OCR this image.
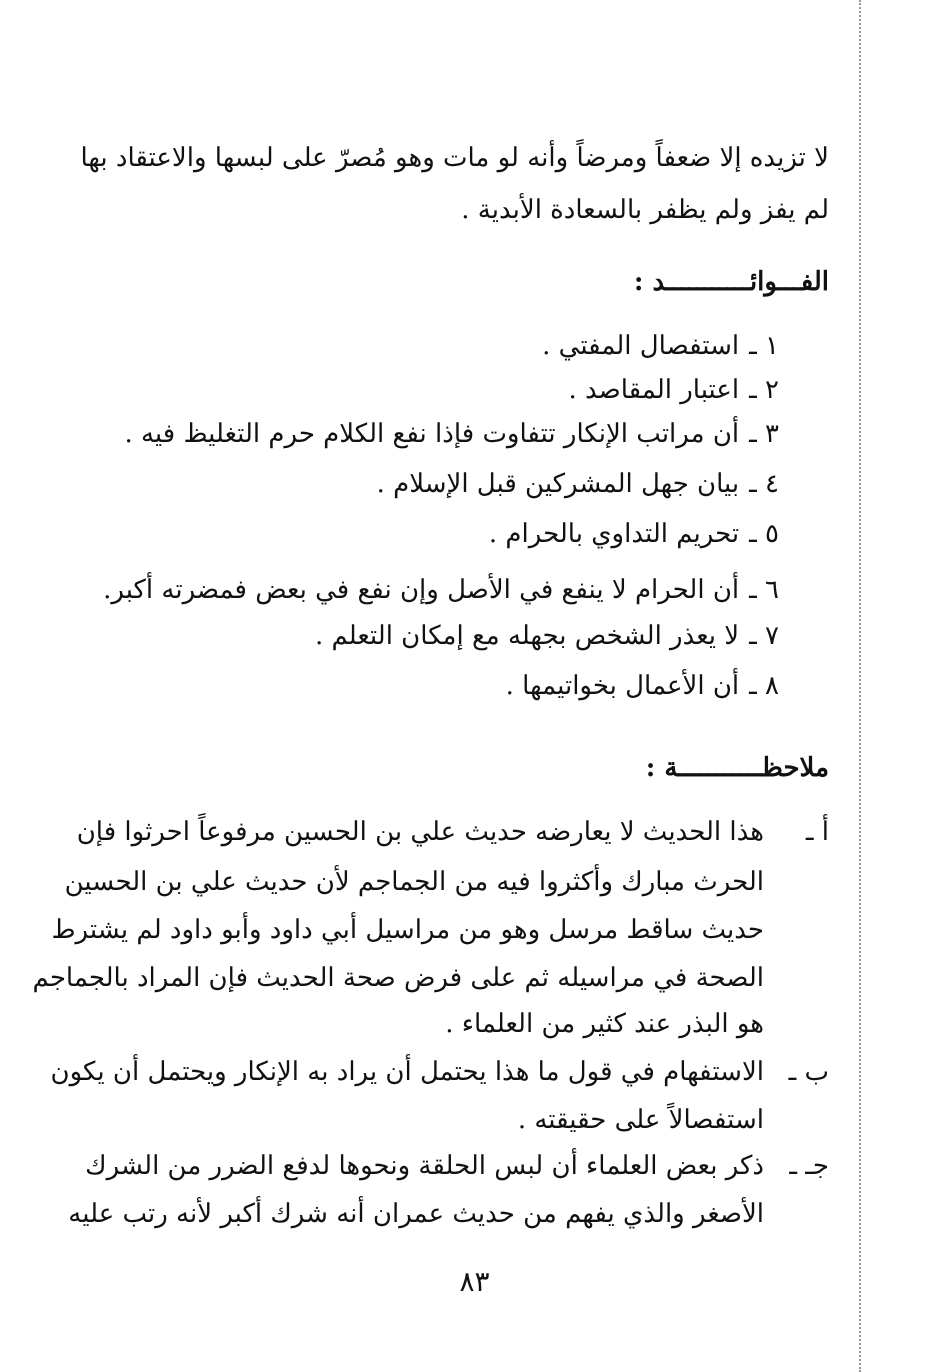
لا تزيده إلا ضعفاً ومرضاً وأنه لو مات وهو مُصرّ على لبسها والاعتقاد بها
لم يفز ولم يظفر بالسعادة الأبدية .
الفـــوائـــــــــــد :
١ ـاستفصال المفتي .
٢ ـاعتبار المقاصد .
٣ ـأن مراتب الإنكار تتفاوت فإذا نفع الكلام حرم التغليظ فيه .
٤ ـبيان جهل المشركين قبل الإسلام .
٥ ـتحريم التداوي بالحرام .
٦ ـأن الحرام لا ينفع في الأصل وإن نفع في بعض فمضرته أكبر.
٧ ـلا يعذر الشخص بجهله مع إمكان التعلم .
٨ ـأن الأعمال بخواتيمها .
ملاحظـــــــــــة :
أ ـ
هذا الحديث لا يعارضه حديث علي بن الحسين مرفوعاً احرثوا فإن
الحرث مبارك وأكثروا فيه من الجماجم لأن حديث علي بن الحسين
حديث ساقط مرسل وهو من مراسيل أبي داود وأبو داود لم يشترط
الصحة في مراسيله ثم على فرض صحة الحديث فإن المراد بالجماجم
هو البذر عند كثير من العلماء .
ب ـ
الاستفهام في قول ما هذا يحتمل أن يراد به الإنكار ويحتمل أن يكون
استفصالاً على حقيقته .
جـ ـ
ذكر بعض العلماء أن لبس الحلقة ونحوها لدفع الضرر من الشرك
الأصغر والذي يفهم من حديث عمران أنه شرك أكبر لأنه رتب عليه
٨٣
